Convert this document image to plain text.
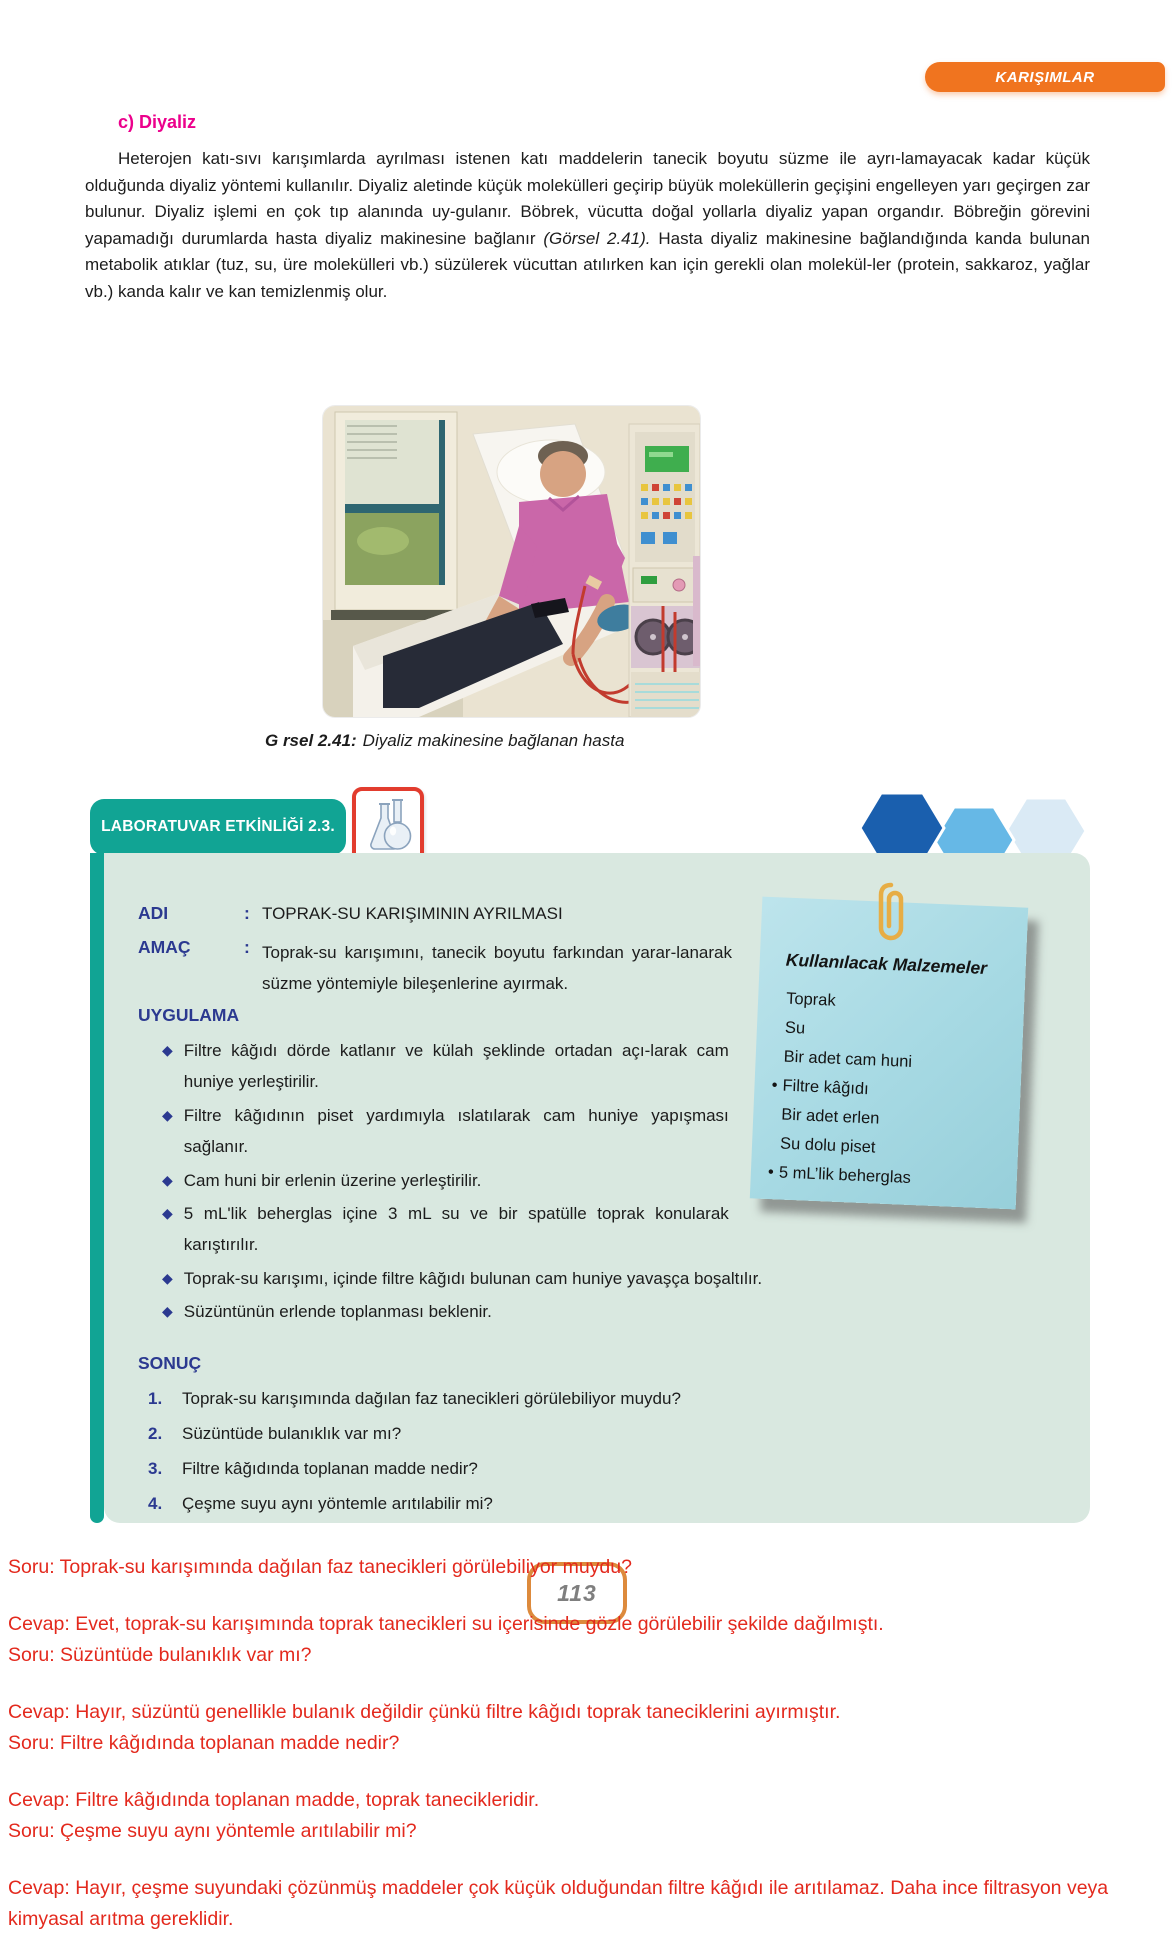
KARIŞIMLAR
c) Diyaliz
Heterojen katı-sıvı karışımlarda ayrılması istenen katı maddelerin tanecik boyutu süzme ile ayrı-lamayacak kadar küçük olduğunda diyaliz yöntemi kullanılır. Diyaliz aletinde küçük molekülleri geçirip büyük moleküllerin geçişini engelleyen yarı geçirgen zar bulunur. Diyaliz işlemi en çok tıp alanında uy-gulanır. Böbrek, vücutta doğal yollarla diyaliz yapan organdır. Böbreğin görevini yapamadığı durumlarda hasta diyaliz makinesine bağlanır (Görsel 2.41). Hasta diyaliz makinesine bağlandığında kanda bulunan metabolik atıklar (tuz, su, üre molekülleri vb.) süzülerek vücuttan atılırken kan için gerekli olan molekül-ler (protein, sakkaroz, yağlar vb.) kanda kalır ve kan temizlenmiş olur.
G rsel 2.41: Diyaliz makinesine bağlanan hasta
LABORATUVAR ETKİNLİĞİ 2.3.
ADI	: TOPRAK-SU KARIŞIMININ AYRILMASI
AMAÇ	: Toprak-su karışımını, tanecik boyutu farkından yarar-lanarak süzme yöntemiyle bileşenlerine ayırmak.
UYGULAMA
◆ Filtre kâğıdı dörde katlanır ve külah şeklinde ortadan açı-larak cam huniye yerleştirilir.
◆ Filtre kâğıdının piset yardımıyla ıslatılarak cam huniye yapışması sağlanır.
◆ Cam huni bir erlenin üzerine yerleştirilir.
◆ 5 mL'lik beherglas içine 3 mL su ve bir spatülle toprak konularak karıştırılır.
◆ Toprak-su karışımı, içinde filtre kâğıdı bulunan cam huniye yavaşça boşaltılır.
◆ Süzüntünün erlende toplanması beklenir.
SONUÇ
1.	Toprak-su karışımında dağılan faz tanecikleri görülebiliyor muydu?
2.	Süzüntüde bulanıklık var mı?
3.	Filtre kâğıdında toplanan madde nedir?
4.	Çeşme suyu aynı yöntemle arıtılabilir mi?
Kullanılacak Malzemeler
Toprak
Su
Bir adet cam huni
• Filtre kâğıdı
Bir adet erlen
Su dolu piset
• 5 mL’lik beherglas
113
Soru: Toprak-su karışımında dağılan faz tanecikleri görülebiliyor muydu?
Cevap: Evet, toprak-su karışımında toprak tanecikleri su içerisinde gözle görülebilir şekilde dağılmıştı.
Soru: Süzüntüde bulanıklık var mı?
Cevap: Hayır, süzüntü genellikle bulanık değildir çünkü filtre kâğıdı toprak taneciklerini ayırmıştır.
Soru: Filtre kâğıdında toplanan madde nedir?
Cevap: Filtre kâğıdında toplanan madde, toprak tanecikleridir.
Soru: Çeşme suyu aynı yöntemle arıtılabilir mi?
Cevap: Hayır, çeşme suyundaki çözünmüş maddeler çok küçük olduğundan filtre kâğıdı ile arıtılamaz. Daha ince filtrasyon veya kimyasal arıtma gereklidir.
